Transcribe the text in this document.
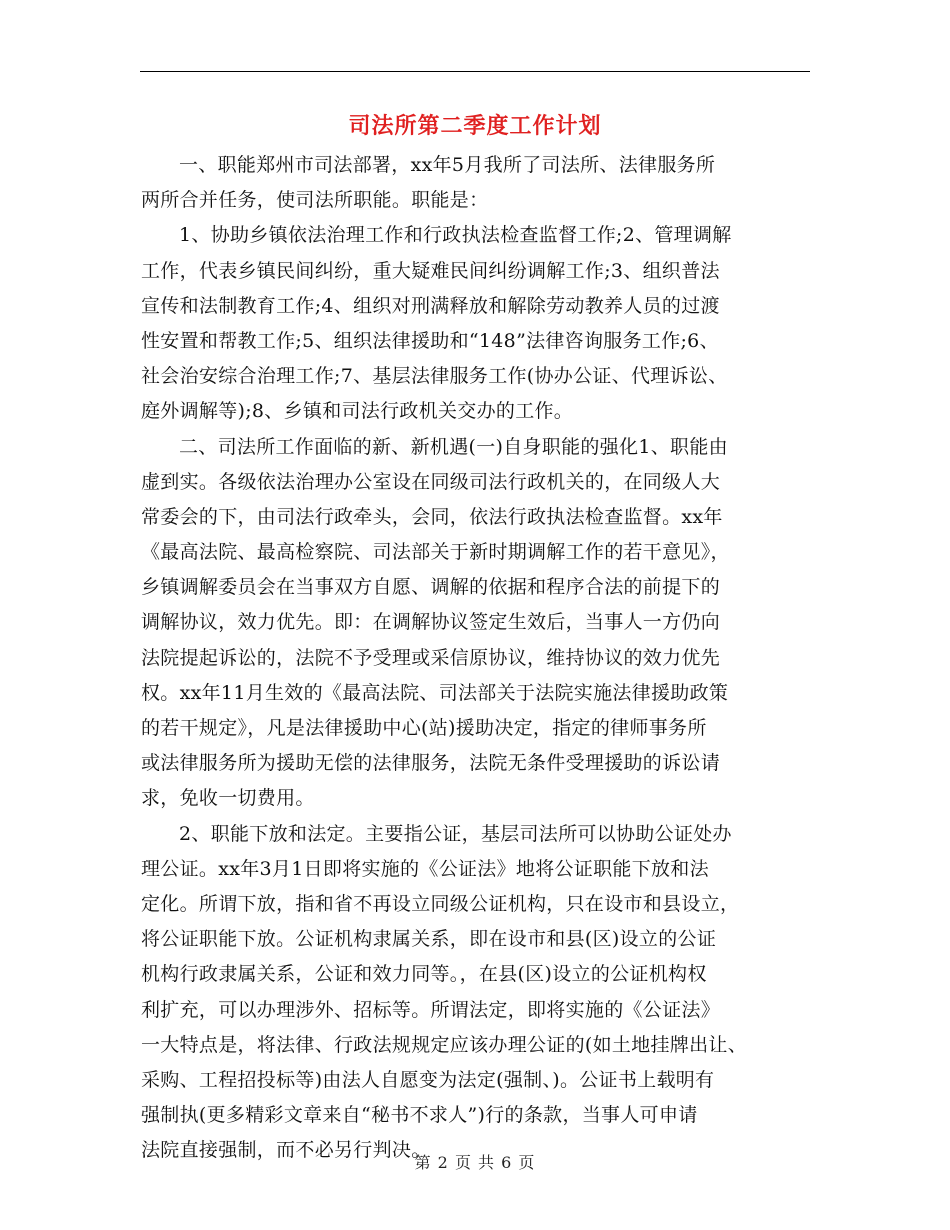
司法所第二季度工作计划
一、职能郑州市司法部署，xx年5月我所了司法所、法律服务所
两所合并任务，使司法所职能。职能是：
1、协助乡镇依法治理工作和行政执法检查监督工作;2、管理调解
工作，代表乡镇民间纠纷，重大疑难民间纠纷调解工作;3、组织普法
宣传和法制教育工作;4、组织对刑满释放和解除劳动教养人员的过渡
性安置和帮教工作;5、组织法律援助和“148”法律咨询服务工作;6、
社会治安综合治理工作;7、基层法律服务工作(协办公证、代理诉讼、
庭外调解等);8、乡镇和司法行政机关交办的工作。
二、司法所工作面临的新、新机遇(一)自身职能的强化1、职能由
虚到实。各级依法治理办公室设在同级司法行政机关的，在同级人大
常委会的下，由司法行政牵头，会同，依法行政执法检查监督。xx年
《最高法院、最高检察院、司法部关于新时期调解工作的若干意见》，
乡镇调解委员会在当事双方自愿、调解的依据和程序合法的前提下的
调解协议，效力优先。即：在调解协议签定生效后，当事人一方仍向
法院提起诉讼的，法院不予受理或采信原协议，维持协议的效力优先
权。xx年11月生效的《最高法院、司法部关于法院实施法律援助政策
的若干规定》，凡是法律援助中心(站)援助决定，指定的律师事务所
或法律服务所为援助无偿的法律服务，法院无条件受理援助的诉讼请
求，免收一切费用。
2、职能下放和法定。主要指公证，基层司法所可以协助公证处办
理公证。xx年3月1日即将实施的《公证法》地将公证职能下放和法
定化。所谓下放，指和省不再设立同级公证机构，只在设市和县设立，
将公证职能下放。公证机构隶属关系，即在设市和县(区)设立的公证
机构行政隶属关系，公证和效力同等。，在县(区)设立的公证机构权
利扩充，可以办理涉外、招标等。所谓法定，即将实施的《公证法》
一大特点是，将法律、行政法规规定应该办理公证的(如土地挂牌出让、
采购、工程招投标等)由法人自愿变为法定(强制、)。公证书上载明有
强制执(更多精彩文章来自“秘书不求人”)行的条款，当事人可申请
法院直接强制，而不必另行判决。
第 2 页 共 6 页
